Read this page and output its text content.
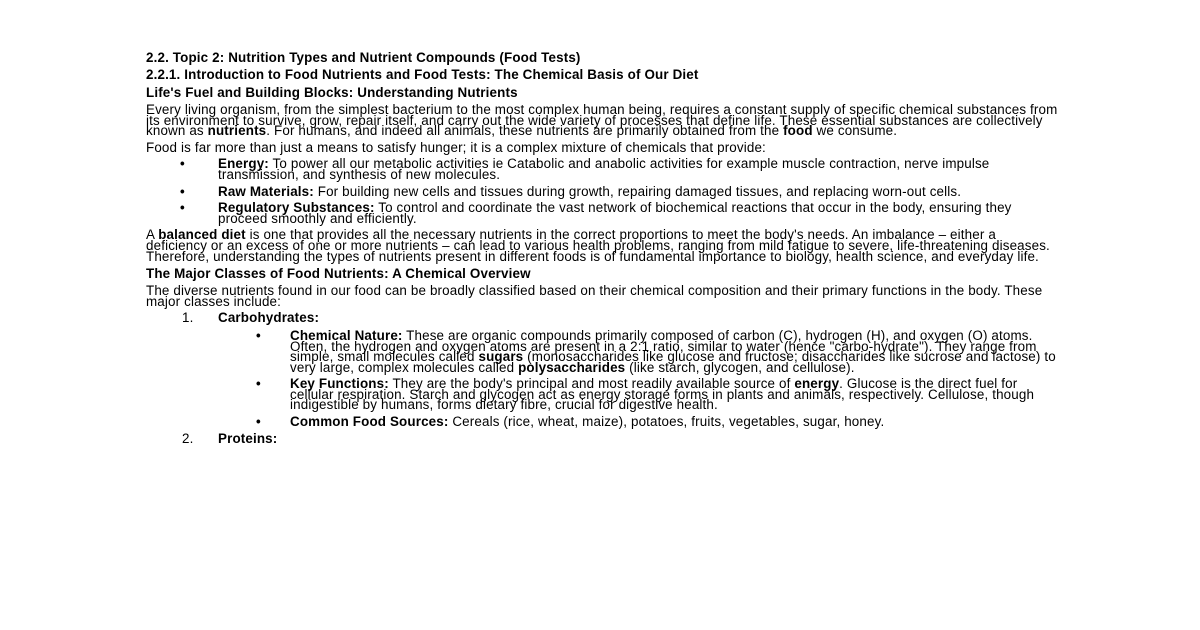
2.2. Topic 2: Nutrition Types and Nutrient Compounds (Food Tests)
2.2.1. Introduction to Food Nutrients and Food Tests: The Chemical Basis of Our Diet
Life's Fuel and Building Blocks: Understanding Nutrients

Every living organism, from the simplest bacterium to the most complex human being, requires a constant supply of specific chemical substances from its environment to survive, grow, repair itself, and carry out the wide variety of processes that define life. These essential substances are collectively known as nutrients. For humans, and indeed all animals, these nutrients are primarily obtained from the food we consume.

Food is far more than just a means to satisfy hunger; it is a complex mixture of chemicals that provide:

• Energy: To power all our metabolic activities ie Catabolic and anabolic activities for example muscle contraction, nerve impulse transmission, and synthesis of new molecules.
• Raw Materials: For building new cells and tissues during growth, repairing damaged tissues, and replacing worn-out cells.
• Regulatory Substances: To control and coordinate the vast network of biochemical reactions that occur in the body, ensuring they proceed smoothly and efficiently.

A balanced diet is one that provides all the necessary nutrients in the correct proportions to meet the body's needs. An imbalance – either a deficiency or an excess of one or more nutrients – can lead to various health problems, ranging from mild fatigue to severe, life-threatening diseases. Therefore, understanding the types of nutrients present in different foods is of fundamental importance to biology, health science, and everyday life.

The Major Classes of Food Nutrients: A Chemical Overview

The diverse nutrients found in our food can be broadly classified based on their chemical composition and their primary functions in the body. These major classes include:

1. Carbohydrates:
• Chemical Nature: These are organic compounds primarily composed of carbon (C), hydrogen (H), and oxygen (O) atoms. Often, the hydrogen and oxygen atoms are present in a 2:1 ratio, similar to water (hence "carbo-hydrate"). They range from simple, small molecules called sugars (monosaccharides like glucose and fructose; disaccharides like sucrose and lactose) to very large, complex molecules called polysaccharides (like starch, glycogen, and cellulose).
• Key Functions: They are the body's principal and most readily available source of energy. Glucose is the direct fuel for cellular respiration. Starch and glycogen act as energy storage forms in plants and animals, respectively. Cellulose, though indigestible by humans, forms dietary fibre, crucial for digestive health.
• Common Food Sources: Cereals (rice, wheat, maize), potatoes, fruits, vegetables, sugar, honey.
2. Proteins:
